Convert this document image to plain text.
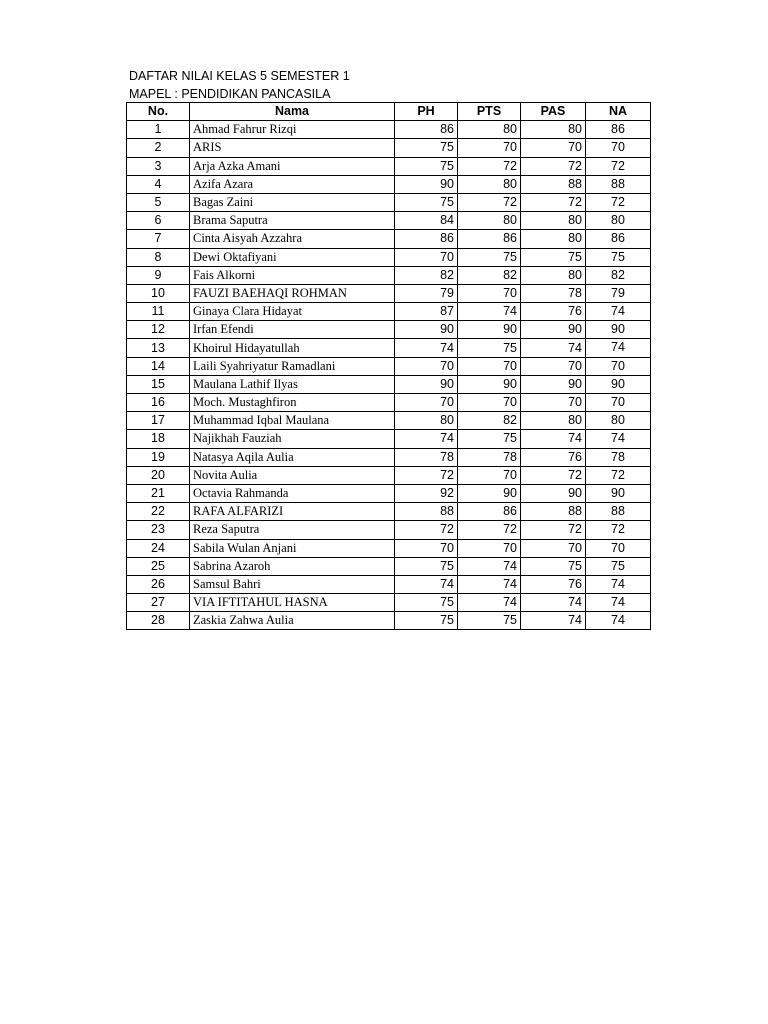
DAFTAR NILAI KELAS 5 SEMESTER 1
MAPEL : PENDIDIKAN PANCASILA
No.	Nama	PH	PTS	PAS	NA
1	Ahmad Fahrur Rizqi	86	80	80	86
2	ARIS	75	70	70	70
3	Arja Azka Amani	75	72	72	72
4	Azifa Azara	90	80	88	88
5	Bagas Zaini	75	72	72	72
6	Brama Saputra	84	80	80	80
7	Cinta Aisyah Azzahra	86	86	80	86
8	Dewi Oktafiyani	70	75	75	75
9	Fais Alkorni	82	82	80	82
10	FAUZI BAEHAQI ROHMAN	79	70	78	79
11	Ginaya Clara Hidayat	87	74	76	74
12	Irfan Efendi	90	90	90	90
13	Khoirul Hidayatullah	74	75	74	74
14	Laili Syahriyatur Ramadlani	70	70	70	70
15	Maulana Lathif Ilyas	90	90	90	90
16	Moch. Mustaghfiron	70	70	70	70
17	Muhammad Iqbal Maulana	80	82	80	80
18	Najikhah Fauziah	74	75	74	74
19	Natasya Aqila Aulia	78	78	76	78
20	Novita Aulia	72	70	72	72
21	Octavia Rahmanda	92	90	90	90
22	RAFA ALFARIZI	88	86	88	88
23	Reza Saputra	72	72	72	72
24	Sabila Wulan Anjani	70	70	70	70
25	Sabrina Azaroh	75	74	75	75
26	Samsul Bahri	74	74	76	74
27	VIA IFTITAHUL HASNA	75	74	74	74
28	Zaskia Zahwa Aulia	75	75	74	74
